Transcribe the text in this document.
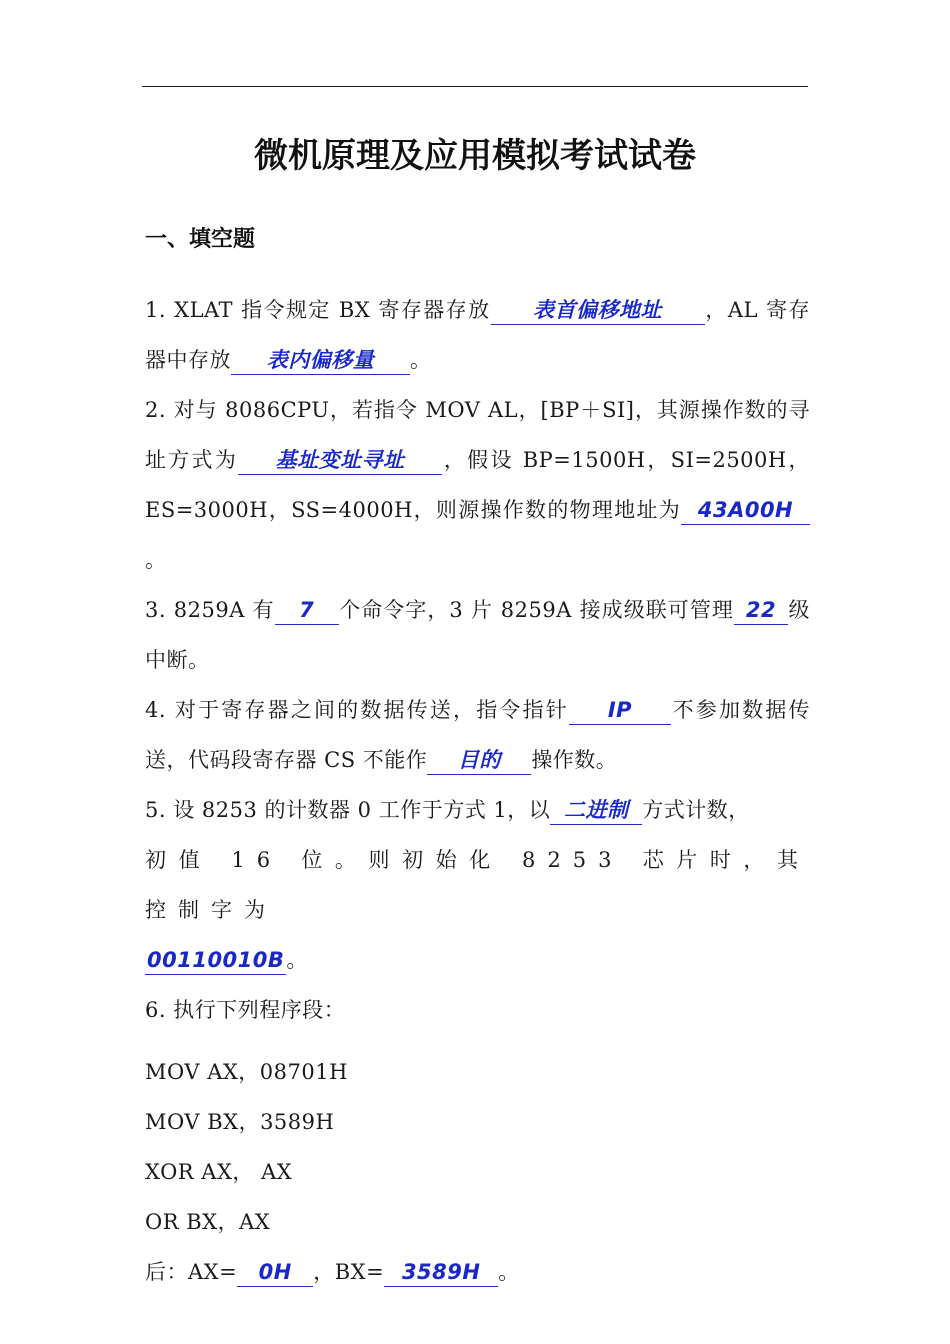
微机原理及应用模拟考试试卷
一、填空题

1. XLAT 指令规定 BX 寄存器存放 表首偏移地址 ，AL 寄存器中存放 表内偏移量 。

2. 对与 8086CPU，若指令 MOV AL，[BP＋SI]，其源操作数的寻址方式为 基址变址寻址 ，假设 BP=1500H，SI=2500H，ES=3000H，SS=4000H，则源操作数的物理地址为 43A00H。

3. 8259A 有 7 个命令字，3 片 8259A 接成级联可管理 22 级中断。

4. 对于寄存器之间的数据传送，指令指针 IP 不参加数据传送，代码段寄存器 CS 不能作 目的 操作数。

5. 设 8253 的计数器 0 工作于方式 1，以 二进制 方式计数，
初值 16 位。则初始化 8253 芯片时，其控制字为
00110010B。

6. 执行下列程序段：

MOV AX，08701H

MOV BX，3589H

XOR AX， AX

OR BX，AX

后：AX= 0H ，BX= 3589H 。
